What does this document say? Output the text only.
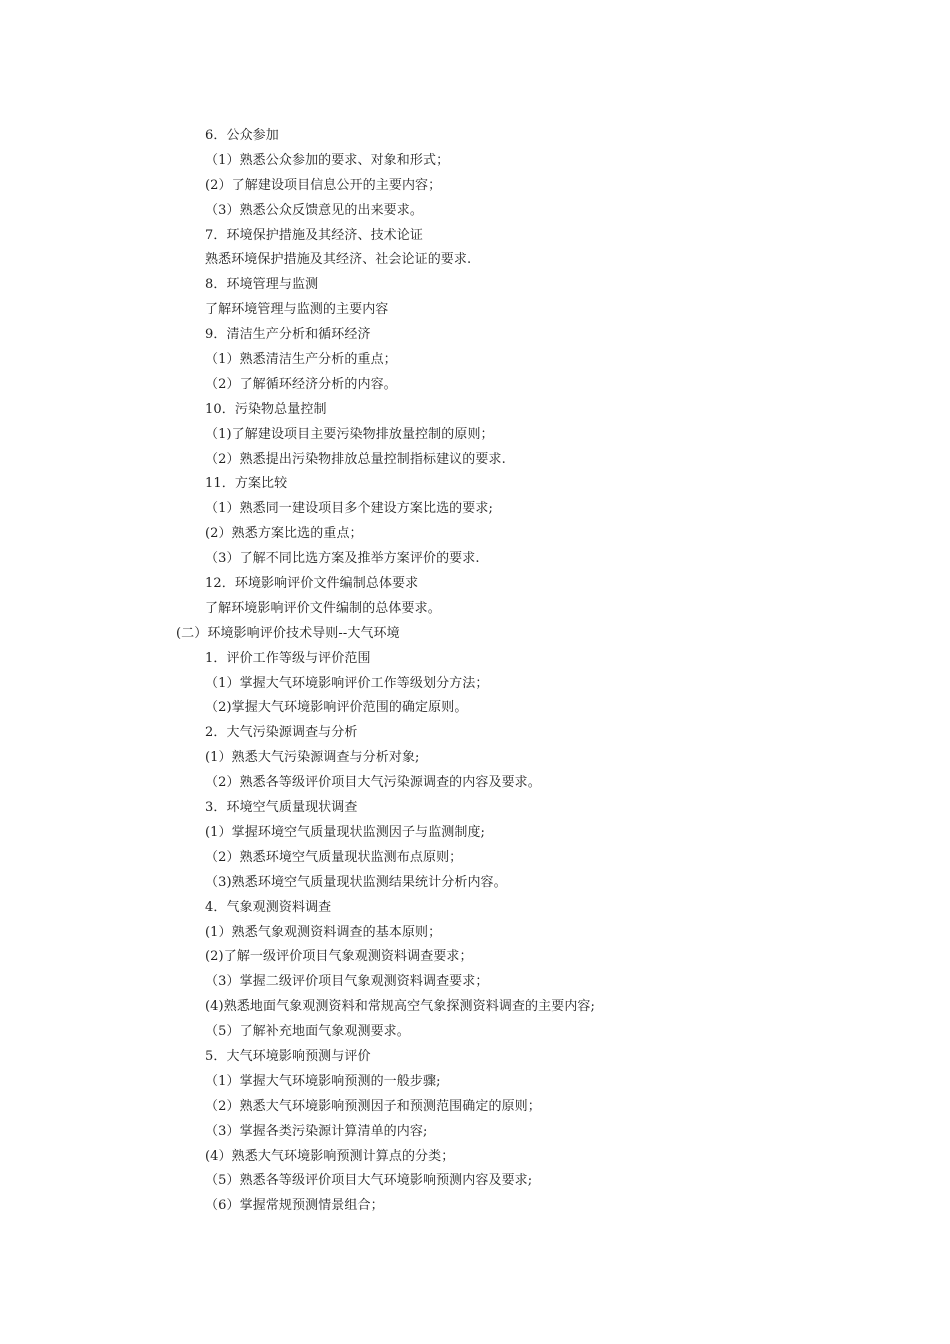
6．公众参加
（1）熟悉公众参加的要求、对象和形式；
(2）了解建设项目信息公开的主要内容；
（3）熟悉公众反馈意见的出来要求。
7．环境保护措施及其经济、技术论证
熟悉环境保护措施及其经济、社会论证的要求.
8．环境管理与监测
了解环境管理与监测的主要内容
9．清洁生产分析和循环经济
（1）熟悉清洁生产分析的重点；
（2）了解循环经济分析的内容。
10．污染物总量控制
（1)了解建设项目主要污染物排放量控制的原则；
（2）熟悉提出污染物排放总量控制指标建议的要求.
11．方案比较
（1）熟悉同一建设项目多个建设方案比选的要求;
(2）熟悉方案比选的重点；
（3）了解不同比选方案及推举方案评价的要求.
12．环境影响评价文件编制总体要求
了解环境影响评价文件编制的总体要求。
(二）环境影响评价技术导则--大气环境
1．评价工作等级与评价范围
（1）掌握大气环境影响评价工作等级划分方法；
（2)掌握大气环境影响评价范围的确定原则。
2．大气污染源调查与分析
(1）熟悉大气污染源调查与分析对象;
（2）熟悉各等级评价项目大气污染源调查的内容及要求。
3．环境空气质量现状调查
(1）掌握环境空气质量现状监测因子与监测制度;
（2）熟悉环境空气质量现状监测布点原则；
（3)熟悉环境空气质量现状监测结果统计分析内容。
4．气象观测资料调查
(1）熟悉气象观测资料调查的基本原则；
(2)了解一级评价项目气象观测资料调查要求；
（3）掌握二级评价项目气象观测资料调查要求；
(4)熟悉地面气象观测资料和常规高空气象探测资料调查的主要内容;
（5）了解补充地面气象观测要求。
5．大气环境影响预测与评价
（1）掌握大气环境影响预测的一般步骤;
（2）熟悉大气环境影响预测因子和预测范围确定的原则；
（3）掌握各类污染源计算清单的内容;
(4）熟悉大气环境影响预测计算点的分类；
（5）熟悉各等级评价项目大气环境影响预测内容及要求;
（6）掌握常规预测情景组合；
